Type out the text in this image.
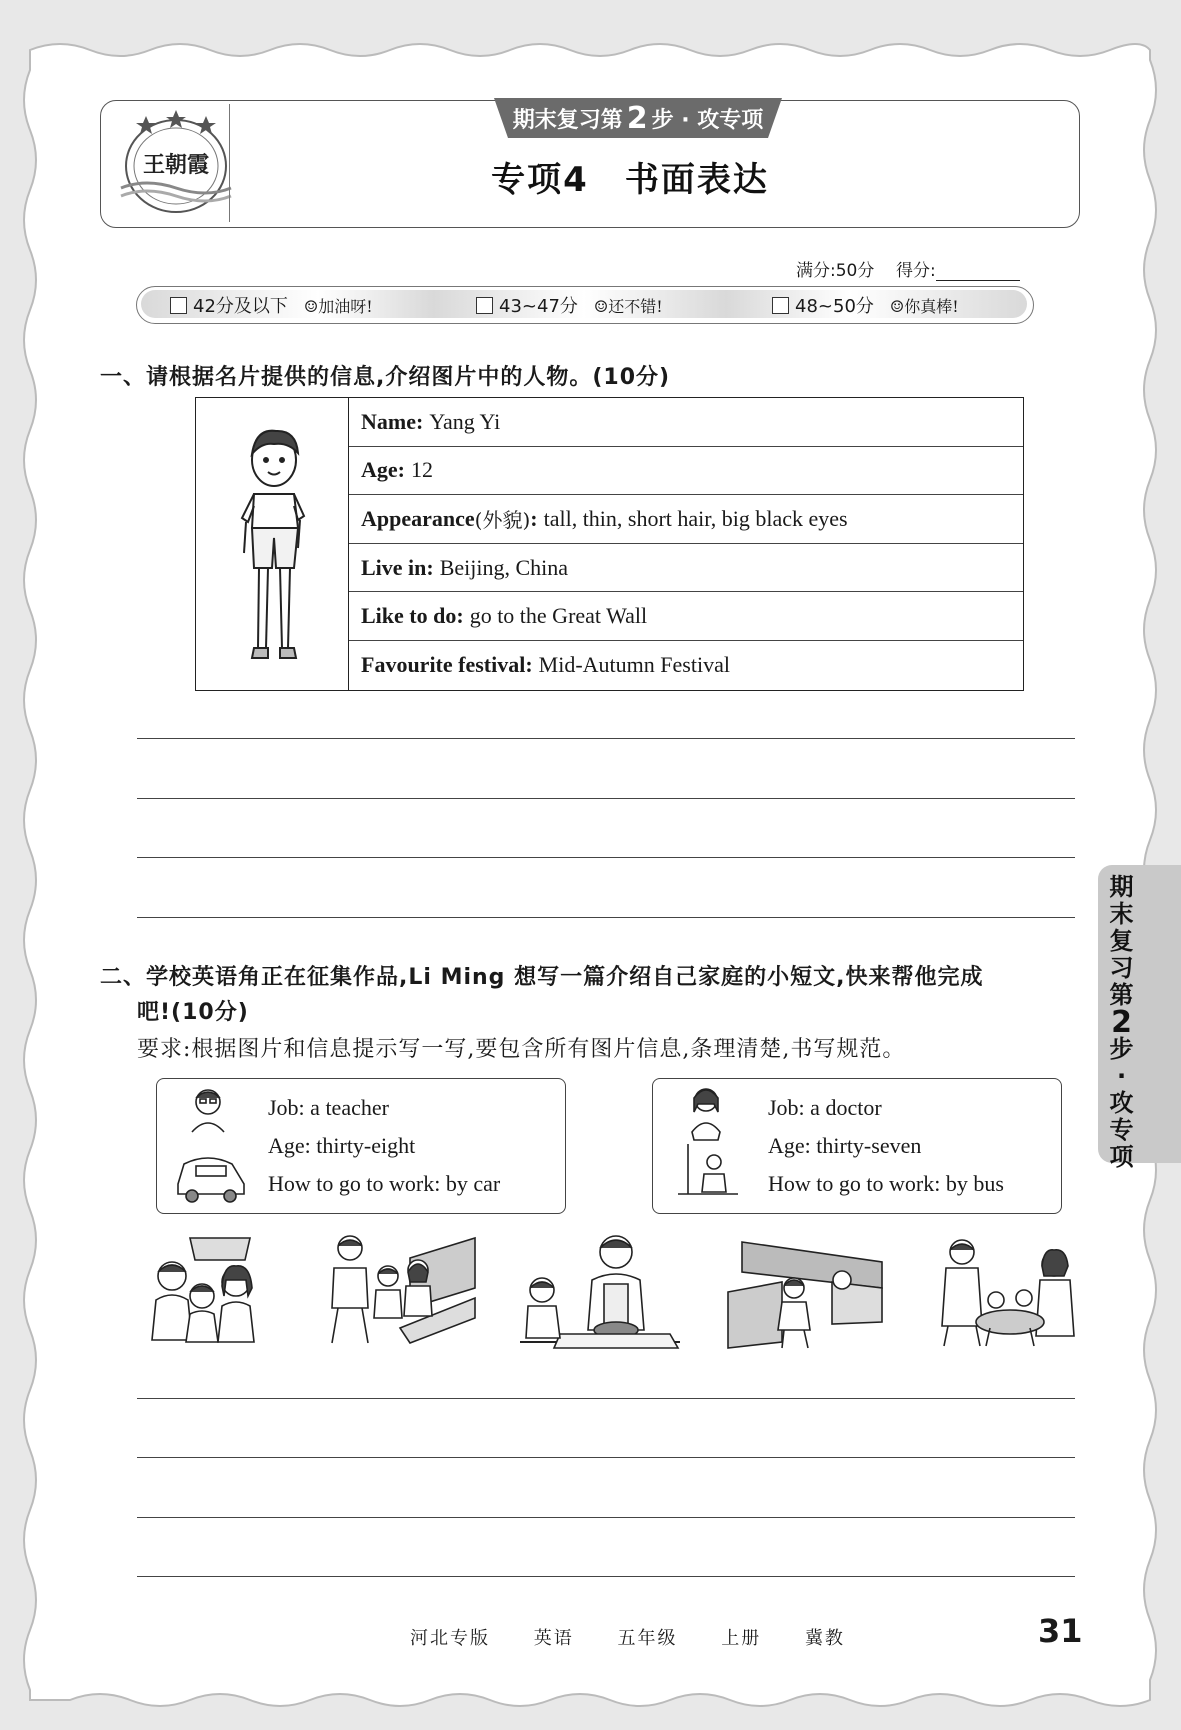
王朝霞
期末复习第 2 步 · 攻专项
专项4　书面表达
满分:50分 得分:
42分及以下 ☺加油呀!	43~47分 ☺还不错!	48~50分 ☺你真棒!
一、请根据名片提供的信息,介绍图片中的人物。(10分)
Name: Yang Yi
Age: 12
Appearance (外貌) : tall, thin, short hair, big black eyes
Live in: Beijing, China
Like to do: go to the Great Wall
Favourite festival: Mid-Autumn Festival
二、学校英语角正在征集作品,Li Ming 想写一篇介绍自己家庭的小短文,快来帮他完成
吧!(10分)
要求:根据图片和信息提示写一写,要包含所有图片信息,条理清楚,书写规范。
Job: a teacher
Age: thirty-eight
How to go to work: by car
Job: a doctor
Age: thirty-seven
How to go to work: by bus
期
末
复
习
第
2
步
·
攻
专
项
河北专版 英语 五年级 上册 冀教	31
